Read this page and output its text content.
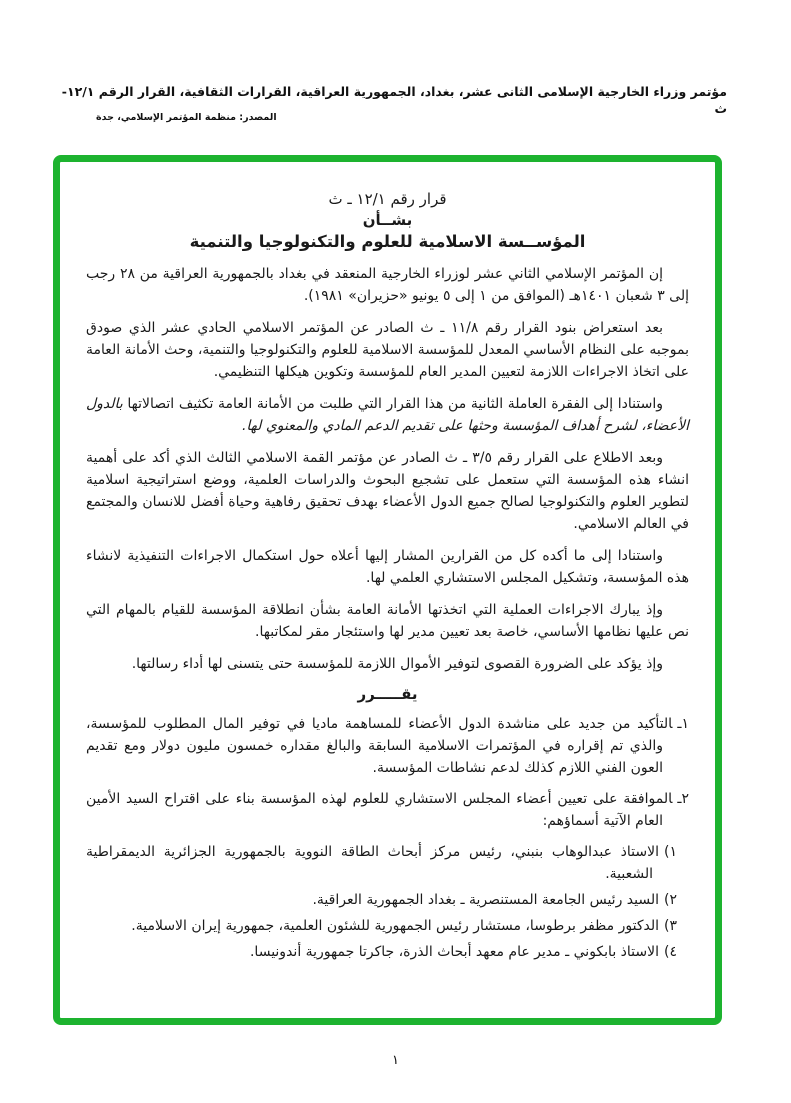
مؤتمر وزراء الخارجية الإسلامى الثانى عشر، بغداد، الجمهورية العراقية، القرارات الثقافية، القرار الرقم ١٢/١- ث
المصدر: منظمة المؤتمر الإسلامي، جدة
قرار رقم ١٢/١ ـ ث
بشــأن
المؤســسة الاسلامية للعلوم والتكنولوجيا والتنمية

إن المؤتمر الإسلامي الثاني عشر لوزراء الخارجية المنعقد في بغداد بالجمهورية العراقية من ٢٨ رجب إلى ٣ شعبان ١٤٠١هـ (الموافق من ١ إلى ٥ يونيو «حزيران» ١٩٨١).

بعد استعراض بنود القرار رقم ١١/٨ ـ ث الصادر عن المؤتمر الاسلامي الحادي عشر الذي صودق بموجبه على النظام الأساسي المعدل للمؤسسة الاسلامية للعلوم والتكنولوجيا والتنمية، وحث الأمانة العامة على اتخاذ الاجراءات اللازمة لتعيين المدير العام للمؤسسة وتكوين هيكلها التنظيمي.

واستنادا إلى الفقرة العاملة الثانية من هذا القرار التي طلبت من الأمانة العامة تكثيف اتصالاتها بالدول الأعضاء، لشرح أهداف المؤسسة وحثها على تقديم الدعم المادي والمعنوي لها.

وبعد الاطلاع على القرار رقم ٣/٥ ـ ث الصادر عن مؤتمر القمة الاسلامي الثالث الذي أكد على أهمية انشاء هذه المؤسسة التي ستعمل على تشجيع البحوث والدراسات العلمية، ووضع استراتيجية اسلامية لتطوير العلوم والتكنولوجيا لصالح جميع الدول الأعضاء بهدف تحقيق رفاهية وحياة أفضل للانسان والمجتمع في العالم الاسلامي.

واستنادا إلى ما أكده كل من القرارين المشار إليها أعلاه حول استكمال الاجراءات التنفيذية لانشاء هذه المؤسسة، وتشكيل المجلس الاستشاري العلمي لها.

وإذ يبارك الاجراءات العملية التي اتخذتها الأمانة العامة بشأن انطلاقة المؤسسة للقيام بالمهام التي نص عليها نظامها الأساسي، خاصة بعد تعيين مدير لها واستئجار مقر لمكاتبها.

وإذ يؤكد على الضرورة القصوى لتوفير الأموال اللازمة للمؤسسة حتى يتسنى لها أداء رسالتها.

يقـــــرر
١ـالتأكيد من جديد على مناشدة الدول الأعضاء للمساهمة ماديا في توفير المال المطلوب للمؤسسة، والذي تم إقراره في المؤتمرات الاسلامية السابقة والبالغ مقداره خمسون مليون دولار ومع تقديم العون الفني اللازم كذلك لدعم نشاطات المؤسسة.
٢ـالموافقة على تعيين أعضاء المجلس الاستشاري للعلوم لهذه المؤسسة بناء على اقتراح السيد الأمين العام الآتية أسماؤهم:
١)الاستاذ عبدالوهاب بنبني، رئيس مركز أبحاث الطاقة النووية بالجمهورية الجزائرية الديمقراطية الشعبية.
٢)السيد رئيس الجامعة المستنصرية ـ بغداد الجمهورية العراقية.
٣)الدكتور مظفر برطوسا، مستشار رئيس الجمهورية للشئون العلمية، جمهورية إيران الاسلامية.
٤)الاستاذ بابكوني ـ مدير عام معهد أبحاث الذرة، جاكرتا جمهورية أندونيسا.
١
